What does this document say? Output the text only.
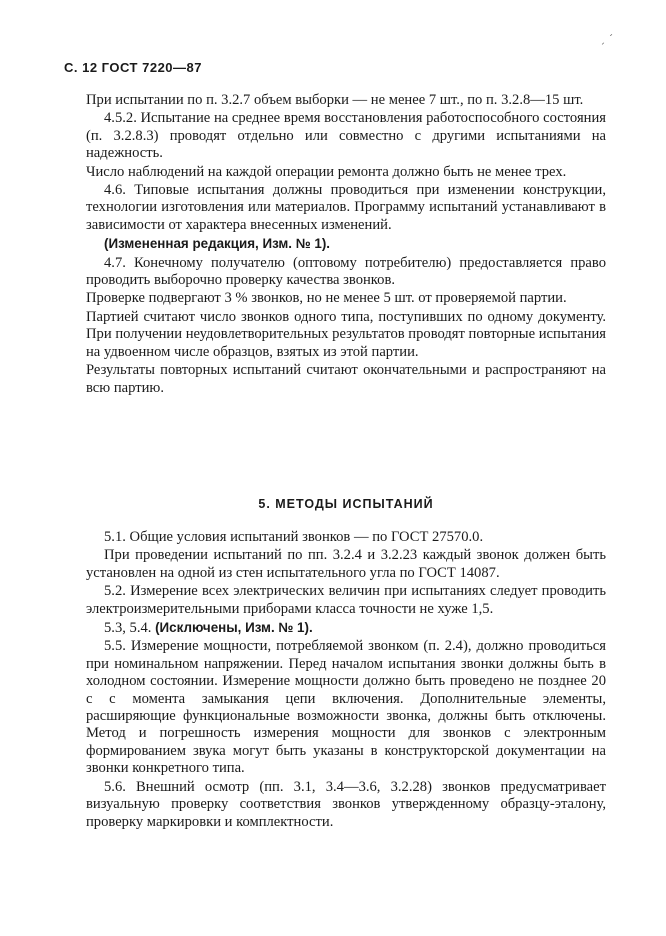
ˏ ´
С. 12 ГОСТ 7220—87
При испытании по п. 3.2.7 объем выборки — не менее 7 шт., по п. 3.2.8—15 шт.
4.5.2. Испытание на среднее время восстановления работоспособного состояния (п. 3.2.8.3) проводят отдельно или совместно с другими испытаниями на надежность.
Число наблюдений на каждой операции ремонта должно быть не менее трех.
4.6. Типовые испытания должны проводиться при изменении конструкции, технологии изготовления или материалов. Программу испытаний устанавливают в зависимости от характера внесенных изменений.
(Измененная редакция, Изм. № 1).
4.7. Конечному получателю (оптовому потребителю) предоставляется право проводить выборочно проверку качества звонков.
Проверке подвергают 3 % звонков, но не менее 5 шт. от проверяемой партии.
Партией считают число звонков одного типа, поступивших по одному документу. При получении неудовлетворительных результатов проводят повторные испытания на удвоенном числе образцов, взятых из этой партии.
Результаты повторных испытаний считают окончательными и распространяют на всю партию.
5. МЕТОДЫ ИСПЫТАНИЙ
5.1. Общие условия испытаний звонков — по ГОСТ 27570.0.
При проведении испытаний по пп. 3.2.4 и 3.2.23 каждый звонок должен быть установлен на одной из стен испытательного угла по ГОСТ 14087.
5.2. Измерение всех электрических величин при испытаниях следует проводить электроизмерительными приборами класса точности не хуже 1,5.
5.3, 5.4. (Исключены, Изм. № 1).
5.5. Измерение мощности, потребляемой звонком (п. 2.4), должно проводиться при номинальном напряжении. Перед началом испытания звонки должны быть в холодном состоянии. Измерение мощности должно быть проведено не позднее 20 с с момента замыкания цепи включения. Дополнительные элементы, расширяющие функциональные возможности звонка, должны быть отключены. Метод и погрешность измерения мощности для звонков с электронным формированием звука могут быть указаны в конструкторской документации на звонки конкретного типа.
5.6. Внешний осмотр (пп. 3.1, 3.4—3.6, 3.2.28) звонков предусматривает визуальную проверку соответствия звонков утвержденному образцу-эталону, проверку маркировки и комплектности.
